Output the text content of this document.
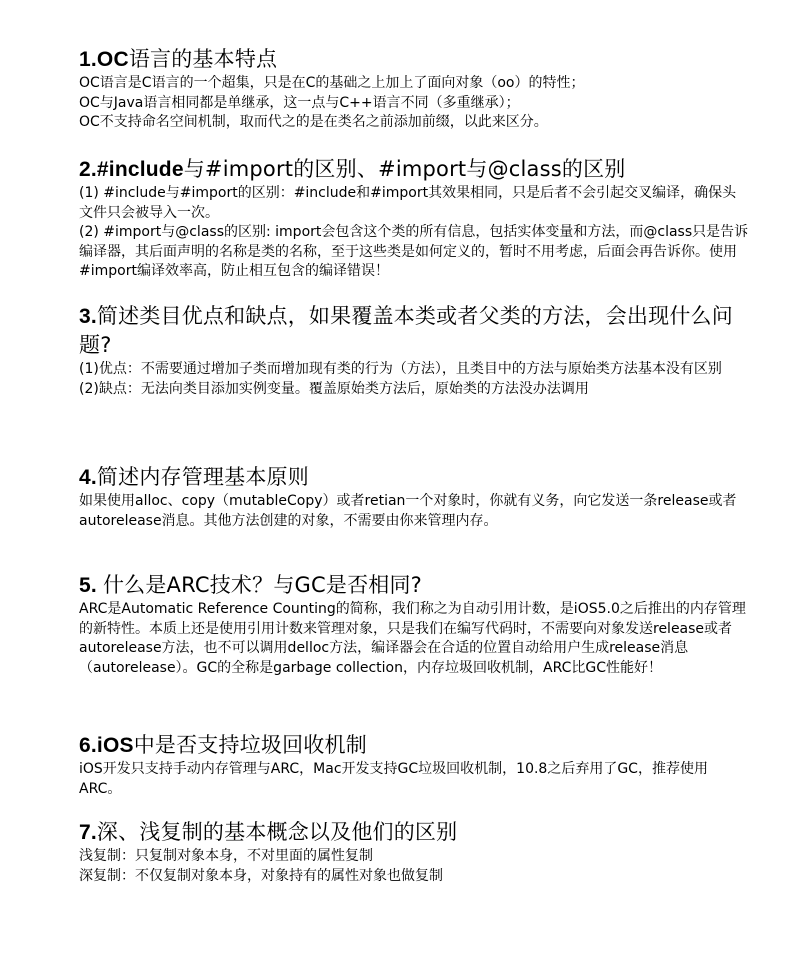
1.OC语言的基本特点
OC语言是C语言的一个超集，只是在C的基础之上加上了面向对象（oo）的特性；
OC与Java语言相同都是单继承，这一点与C++语言不同（多重继承）；
OC不支持命名空间机制，取而代之的是在类名之前添加前缀，以此来区分。
2.#include与#import的区别、#import与@class的区别
(1) #include与#import的区别：#include和#import其效果相同，只是后者不会引起交叉编译，确保头文件只会被导入一次。
(2) #import与@class的区别: import会包含这个类的所有信息，包括实体变量和方法，而@class只是告诉编译器，其后面声明的名称是类的名称，至于这些类是如何定义的，暂时不用考虑，后面会再告诉你。使用#import编译效率高，防止相互包含的编译错误！
3.简述类目优点和缺点，如果覆盖本类或者父类的方法，会出现什么问题?
(1)优点：不需要通过增加子类而增加现有类的行为（方法），且类目中的方法与原始类方法基本没有区别
(2)缺点：无法向类目添加实例变量。覆盖原始类方法后，原始类的方法没办法调用
4.简述内存管理基本原则
如果使用alloc、copy（mutableCopy）或者retian一个对象时，你就有义务，向它发送一条release或者autorelease消息。其他方法创建的对象，不需要由你来管理内存。
5. 什么是ARC技术？与GC是否相同?
ARC是Automatic Reference Counting的简称，我们称之为自动引用计数，是iOS5.0之后推出的内存管理的新特性。本质上还是使用引用计数来管理对象，只是我们在编写代码时，不需要向对象发送release或者autorelease方法，也不可以调用delloc方法，编译器会在合适的位置自动给用户生成release消息（autorelease）。GC的全称是garbage collection，内存垃圾回收机制，ARC比GC性能好！
6.iOS中是否支持垃圾回收机制
iOS开发只支持手动内存管理与ARC，Mac开发支持GC垃圾回收机制，10.8之后弃用了GC，推荐使用ARC。
7.深、浅复制的基本概念以及他们的区别
浅复制：只复制对象本身，不对里面的属性复制
深复制：不仅复制对象本身，对象持有的属性对象也做复制
